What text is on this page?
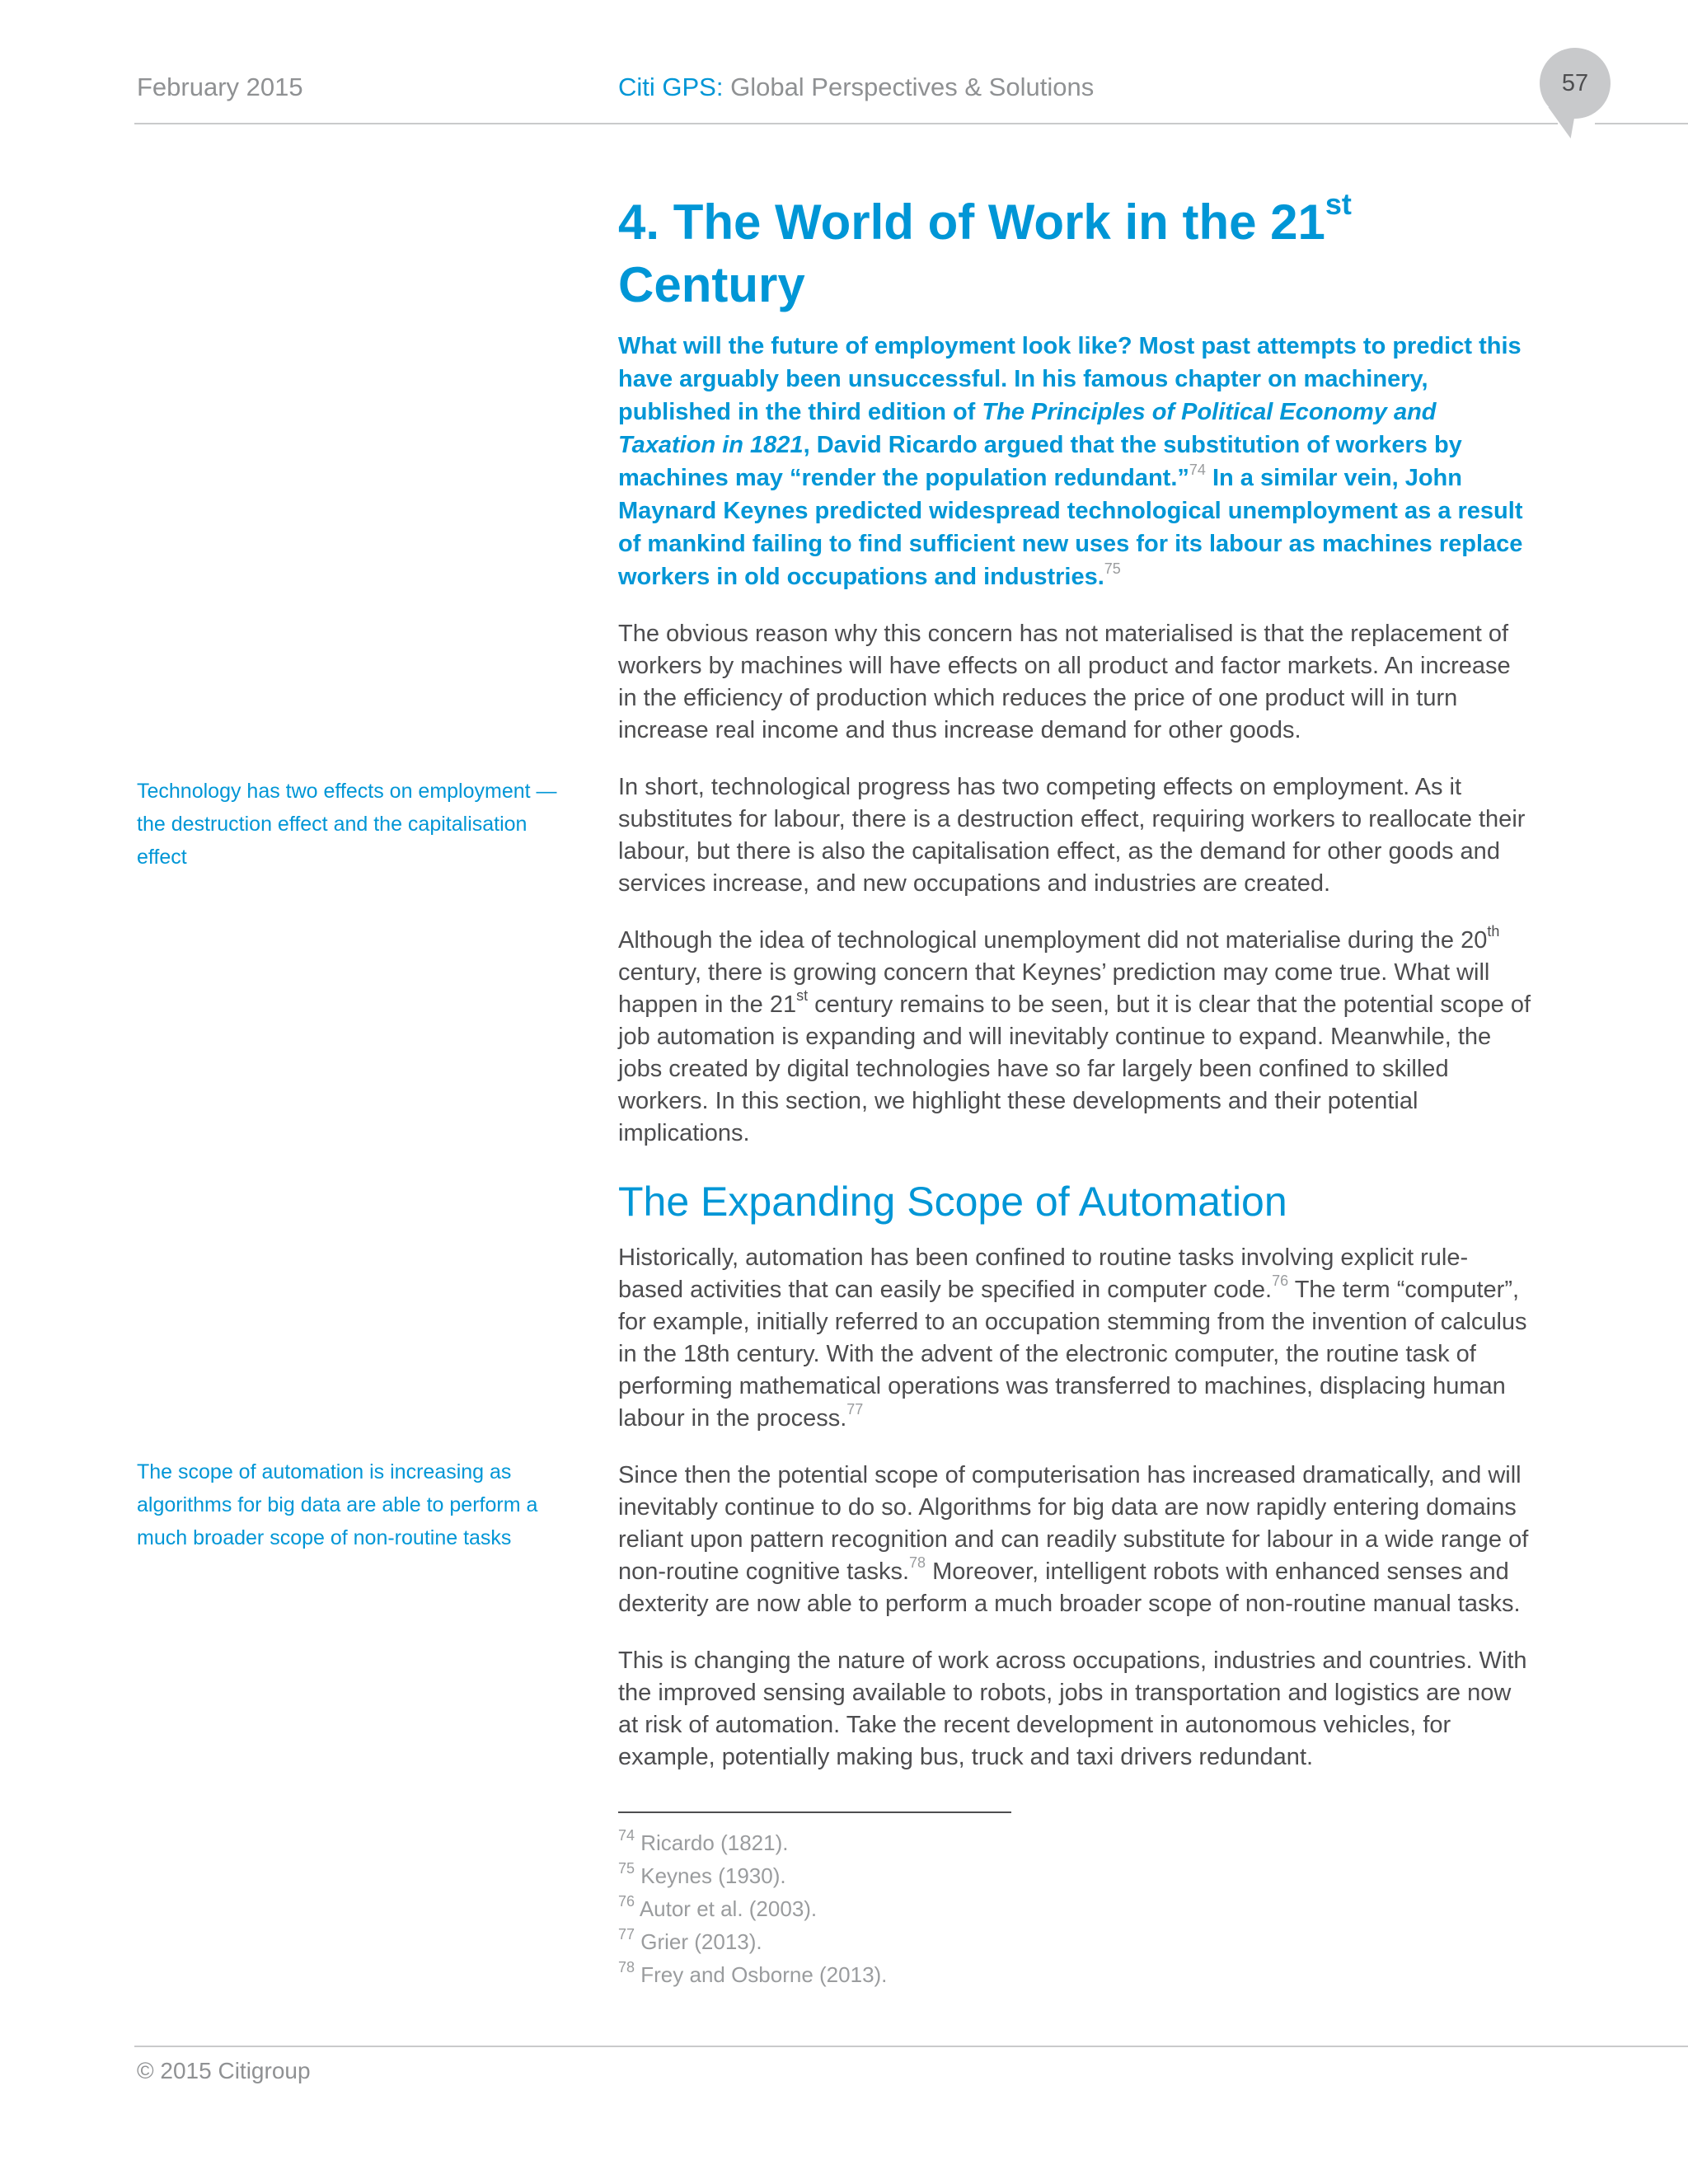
February 2015	Citi GPS: Global Perspectives & Solutions	57
Technology has two effects on employment — the destruction effect and the capitalisation effect
The scope of automation is increasing as algorithms for big data are able to perform a much broader scope of non-routine tasks
4. The World of Work in the 21st
Century

What will the future of employment look like? Most past attempts to predict this have arguably been unsuccessful. In his famous chapter on machinery, published in the third edition of The Principles of Political Economy and Taxation in 1821, David Ricardo argued that the substitution of workers by machines may “render the population redundant.”$^{74}$ In a similar vein, John Maynard Keynes predicted widespread technological unemployment as a result of mankind failing to find sufficient new uses for its labour as machines replace workers in old occupations and industries.$^{75}$

The obvious reason why this concern has not materialised is that the replacement of workers by machines will have effects on all product and factor markets. An increase in the efficiency of production which reduces the price of one product will in turn increase real income and thus increase demand for other goods.

In short, technological progress has two competing effects on employment. As it substitutes for labour, there is a destruction effect, requiring workers to reallocate their labour, but there is also the capitalisation effect, as the demand for other goods and services increase, and new occupations and industries are created.

Although the idea of technological unemployment did not materialise during the 20th century, there is growing concern that Keynes’ prediction may come true. What will happen in the 21st century remains to be seen, but it is clear that the potential scope of job automation is expanding and will inevitably continue to expand. Meanwhile, the jobs created by digital technologies have so far largely been confined to skilled workers. In this section, we highlight these developments and their potential implications.

The Expanding Scope of Automation

Historically, automation has been confined to routine tasks involving explicit rule-based activities that can easily be specified in computer code.$^{76}$ The term “computer”, for example, initially referred to an occupation stemming from the invention of calculus in the 18th century. With the advent of the electronic computer, the routine task of performing mathematical operations was transferred to machines, displacing human labour in the process.$^{77}$

Since then the potential scope of computerisation has increased dramatically, and will inevitably continue to do so. Algorithms for big data are now rapidly entering domains reliant upon pattern recognition and can readily substitute for labour in a wide range of non-routine cognitive tasks.$^{78}$ Moreover, intelligent robots with enhanced senses and dexterity are now able to perform a much broader scope of non-routine manual tasks.

This is changing the nature of work across occupations, industries and countries. With the improved sensing available to robots, jobs in transportation and logistics are now at risk of automation. Take the recent development in autonomous vehicles, for example, potentially making bus, truck and taxi drivers redundant.

$^{74}$ Ricardo (1821).
$^{75}$ Keynes (1930).
$^{76}$ Autor et al. (2003).
$^{77}$ Grier (2013).
$^{78}$ Frey and Osborne (2013).
© 2015 Citigroup
